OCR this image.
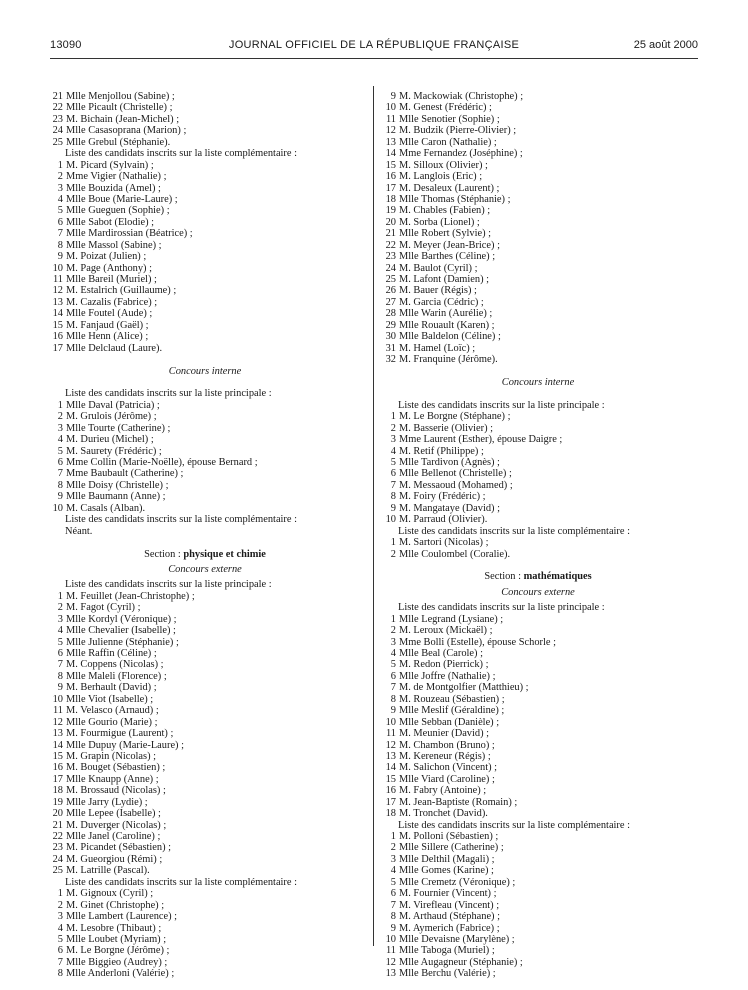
13090	JOURNAL OFFICIEL DE LA RÉPUBLIQUE FRANÇAISE	25 août 2000
21 Mlle Menjollou (Sabine) ;
22 Mlle Picault (Christelle) ;
23 M. Bichain (Jean-Michel) ;
24 Mlle Casasoprana (Marion) ;
25 Mlle Grebul (Stéphanie).
Liste des candidats inscrits sur la liste complémentaire :
1 M. Picard (Sylvain) ;
2 Mme Vigier (Nathalie) ;
3 Mlle Bouzida (Amel) ;
4 Mlle Boue (Marie-Laure) ;
5 Mlle Gueguen (Sophie) ;
6 Mlle Sabot (Elodie) ;
7 Mlle Mardirossian (Béatrice) ;
8 Mlle Massol (Sabine) ;
9 M. Poizat (Julien) ;
10 M. Page (Anthony) ;
11 Mlle Bareil (Muriel) ;
12 M. Estalrich (Guillaume) ;
13 M. Cazalis (Fabrice) ;
14 Mlle Foutel (Aude) ;
15 M. Fanjaud (Gaël) ;
16 Mlle Henn (Alice) ;
17 Mlle Delclaud (Laure).
Concours interne
Liste des candidats inscrits sur la liste principale :
1 Mlle Daval (Patricia) ;
2 M. Grulois (Jérôme) ;
3 Mlle Tourte (Catherine) ;
4 M. Durieu (Michel) ;
5 M. Saurety (Frédéric) ;
6 Mme Collin (Marie-Noëlle), épouse Bernard ;
7 Mme Baubault (Catherine) ;
8 Mlle Doisy (Christelle) ;
9 Mlle Baumann (Anne) ;
10 M. Casals (Alban).
Liste des candidats inscrits sur la liste complémentaire :
Néant.
Section : physique et chimie
Concours externe
Liste des candidats inscrits sur la liste principale :
1 M. Feuillet (Jean-Christophe) ;
2 M. Fagot (Cyril) ;
3 Mlle Kordyl (Véronique) ;
4 Mlle Chevalier (Isabelle) ;
5 Mlle Julienne (Stéphanie) ;
6 Mlle Raffin (Céline) ;
7 M. Coppens (Nicolas) ;
8 Mlle Maleli (Florence) ;
9 M. Berhault (David) ;
10 Mlle Viot (Isabelle) ;
11 M. Velasco (Arnaud) ;
12 Mlle Gourio (Marie) ;
13 M. Fourmigue (Laurent) ;
14 Mlle Dupuy (Marie-Laure) ;
15 M. Grapin (Nicolas) ;
16 M. Bouget (Sébastien) ;
17 Mlle Knaupp (Anne) ;
18 M. Brossaud (Nicolas) ;
19 Mlle Jarry (Lydie) ;
20 Mlle Lepee (Isabelle) ;
21 M. Duverger (Nicolas) ;
22 Mlle Janel (Caroline) ;
23 M. Picandet (Sébastien) ;
24 M. Gueorgiou (Rémi) ;
25 M. Latrille (Pascal).
Liste des candidats inscrits sur la liste complémentaire :
1 M. Gignoux (Cyril) ;
2 M. Ginet (Christophe) ;
3 Mlle Lambert (Laurence) ;
4 M. Lesobre (Thibaut) ;
5 Mlle Loubet (Myriam) ;
6 M. Le Borgne (Jérôme) ;
7 Mlle Biggieo (Audrey) ;
8 Mlle Anderloni (Valérie) ;
9 M. Mackowiak (Christophe) ;
10 M. Genest (Frédéric) ;
11 Mlle Senotier (Sophie) ;
12 M. Budzik (Pierre-Olivier) ;
13 Mlle Caron (Nathalie) ;
14 Mme Fernandez (Joséphine) ;
15 M. Silloux (Olivier) ;
16 M. Langlois (Eric) ;
17 M. Desaleux (Laurent) ;
18 Mlle Thomas (Stéphanie) ;
19 M. Chables (Fabien) ;
20 M. Sorba (Lionel) ;
21 Mlle Robert (Sylvie) ;
22 M. Meyer (Jean-Brice) ;
23 Mlle Barthes (Céline) ;
24 M. Baulot (Cyril) ;
25 M. Lafont (Damien) ;
26 M. Bauer (Régis) ;
27 M. Garcia (Cédric) ;
28 Mlle Warin (Aurélie) ;
29 Mlle Rouault (Karen) ;
30 Mlle Baldelon (Céline) ;
31 M. Hamel (Loïc) ;
32 M. Franquine (Jérôme).
Concours interne
Liste des candidats inscrits sur la liste principale :
1 M. Le Borgne (Stéphane) ;
2 M. Basserie (Olivier) ;
3 Mme Laurent (Esther), épouse Daigre ;
4 M. Retif (Philippe) ;
5 Mlle Tardivon (Agnès) ;
6 Mlle Bellenot (Christelle) ;
7 M. Messaoud (Mohamed) ;
8 M. Foiry (Frédéric) ;
9 M. Mangataye (David) ;
10 M. Parraud (Olivier).
Liste des candidats inscrits sur la liste complémentaire :
1 M. Sartori (Nicolas) ;
2 Mlle Coulombel (Coralie).
Section : mathématiques
Concours externe
Liste des candidats inscrits sur la liste principale :
1 Mlle Legrand (Lysiane) ;
2 M. Leroux (Mickaël) ;
3 Mme Bolli (Estelle), épouse Schorle ;
4 Mlle Beal (Carole) ;
5 M. Redon (Pierrick) ;
6 Mlle Joffre (Nathalie) ;
7 M. de Montgolfier (Matthieu) ;
8 M. Rouzeau (Sébastien) ;
9 Mlle Meslif (Géraldine) ;
10 Mlle Sebban (Danièle) ;
11 M. Meunier (David) ;
12 M. Chambon (Bruno) ;
13 M. Kereneur (Régis) ;
14 M. Salichon (Vincent) ;
15 Mlle Viard (Caroline) ;
16 M. Fabry (Antoine) ;
17 M. Jean-Baptiste (Romain) ;
18 M. Tronchet (David).
Liste des candidats inscrits sur la liste complémentaire :
1 M. Polloni (Sébastien) ;
2 Mlle Sillere (Catherine) ;
3 Mlle Delthil (Magali) ;
4 Mlle Gomes (Karine) ;
5 Mlle Cremetz (Véronique) ;
6 M. Fournier (Vincent) ;
7 M. Virefleau (Vincent) ;
8 M. Arthaud (Stéphane) ;
9 M. Aymerich (Fabrice) ;
10 Mlle Devaisne (Marylène) ;
11 Mlle Taboga (Muriel) ;
12 Mlle Augagneur (Stéphanie) ;
13 Mlle Berchu (Valérie) ;
